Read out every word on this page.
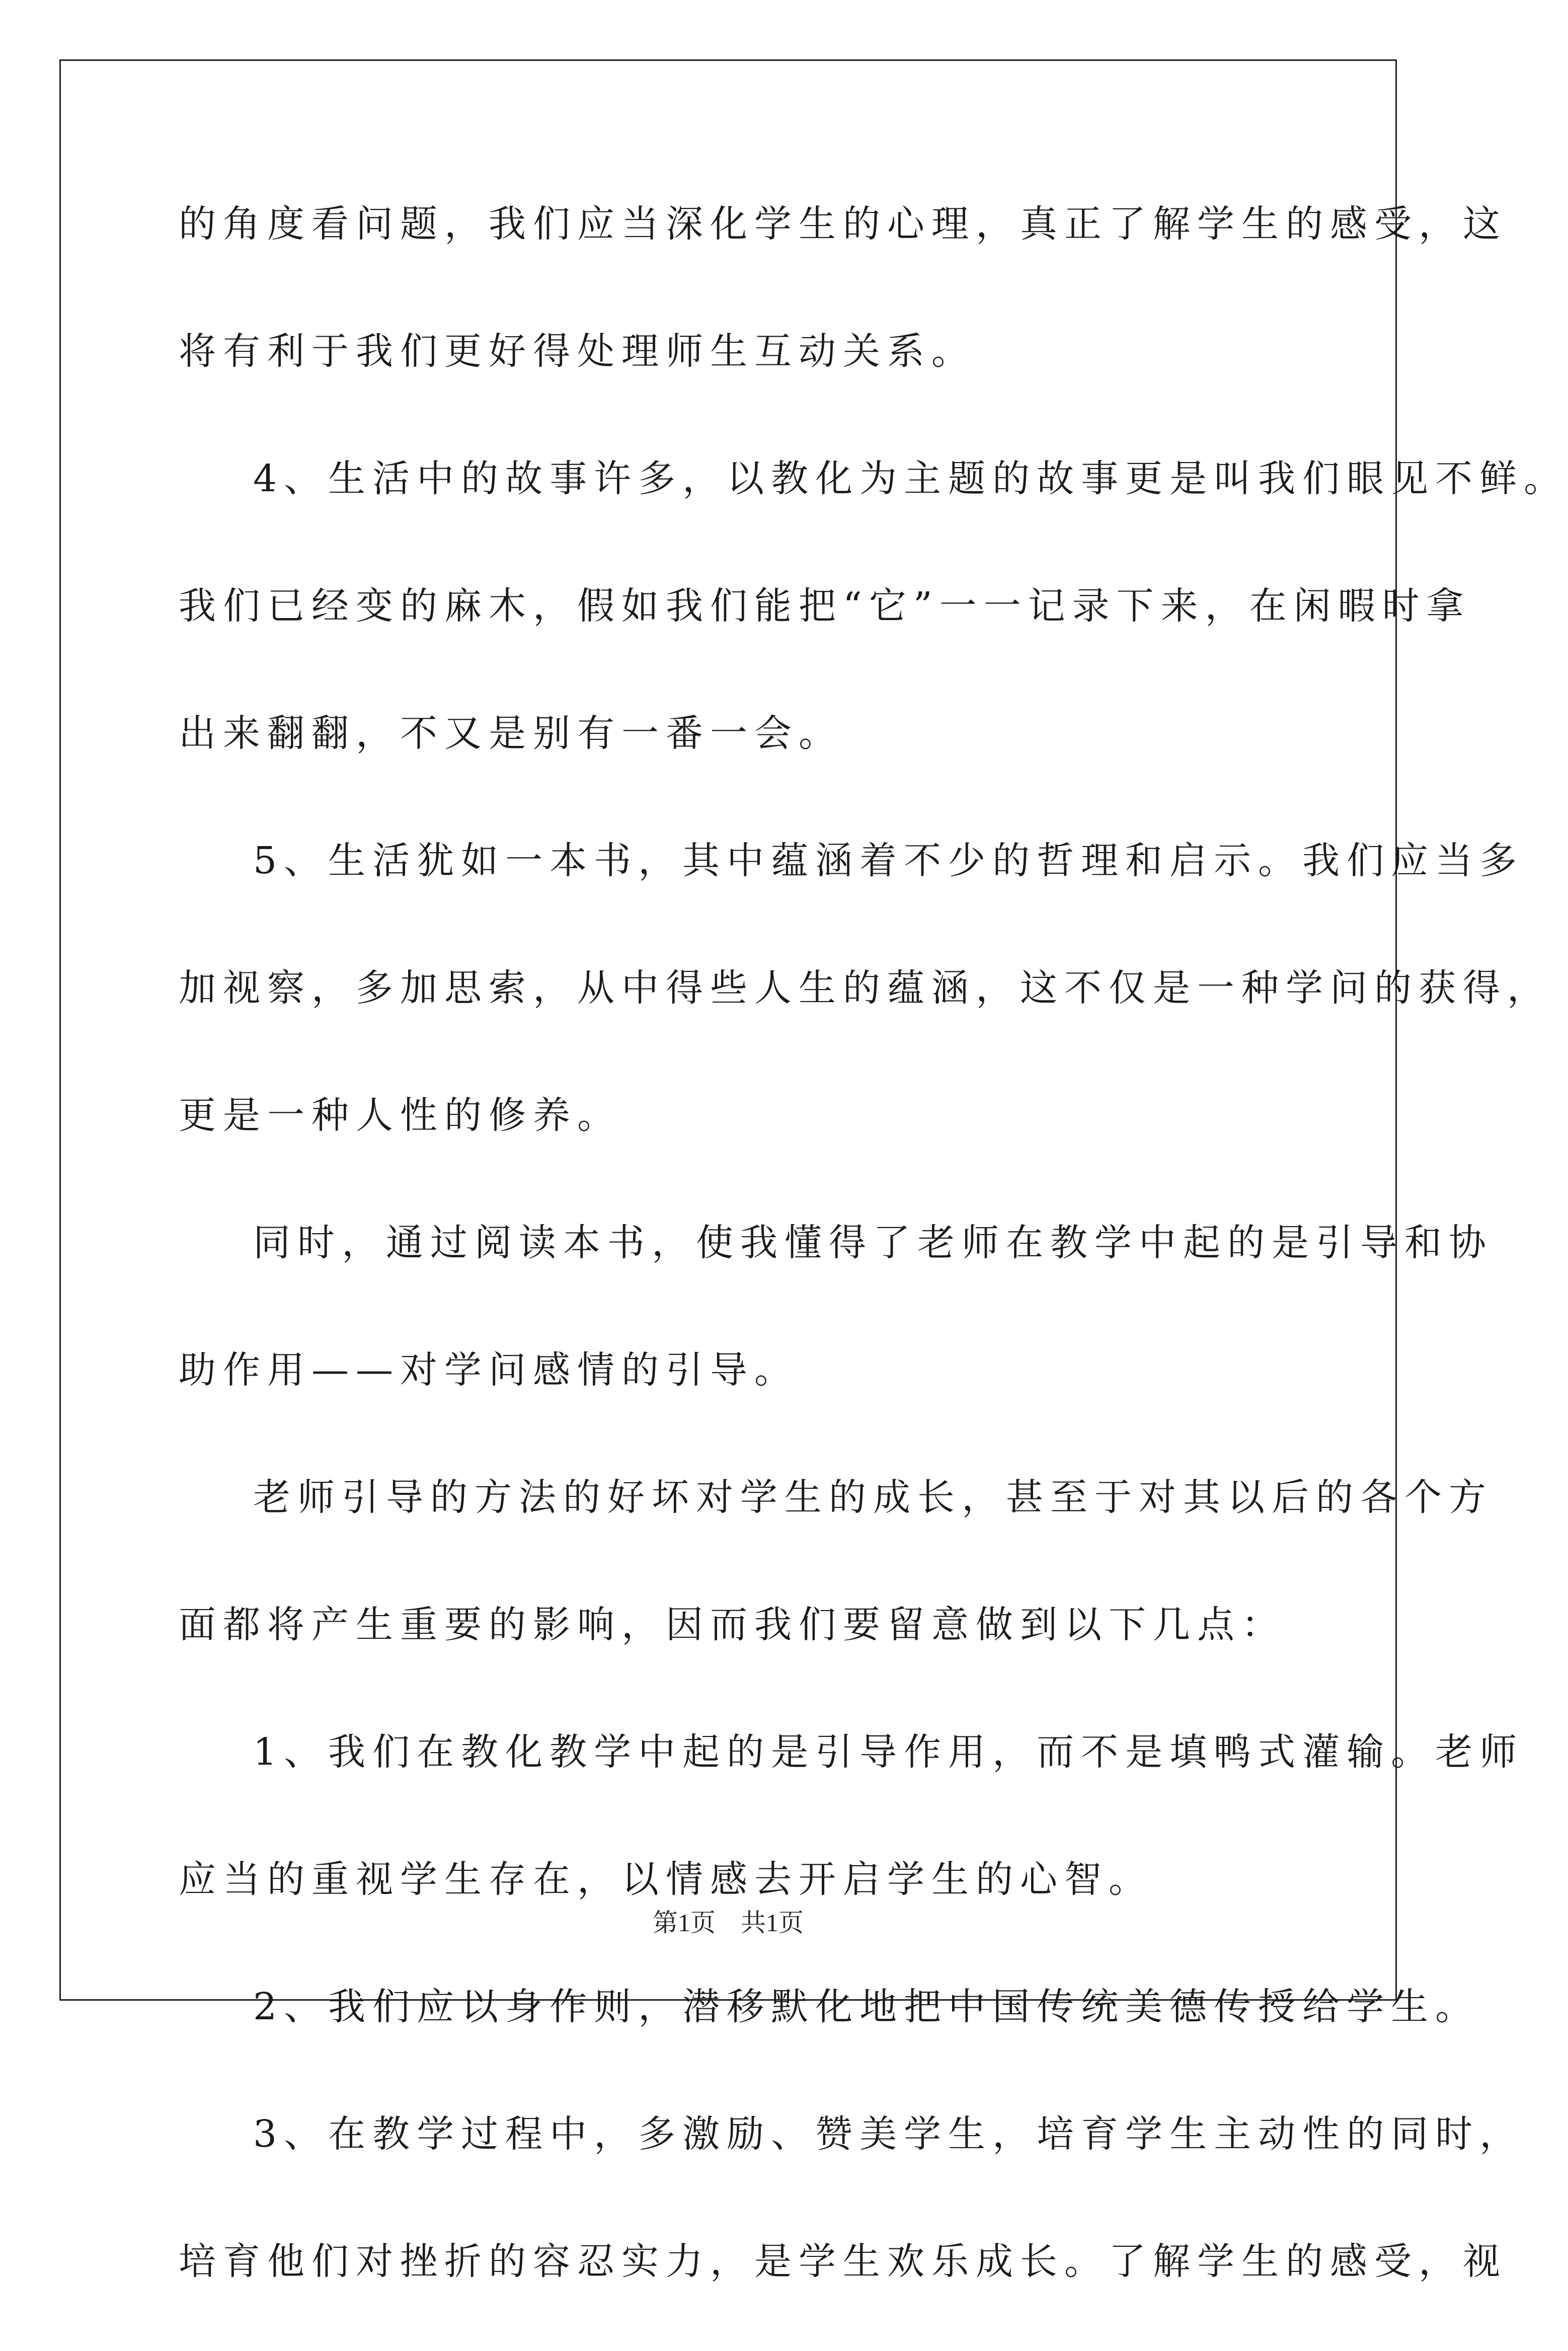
的角度看问题，我们应当深化学生的心理，真正了解学生的感受，这
将有利于我们更好得处理师生互动关系。
4、生活中的故事许多，以教化为主题的故事更是叫我们眼见不鲜。
我们已经变的麻木，假如我们能把“它”一一记录下来，在闲暇时拿
出来翻翻，不又是别有一番一会。
5、生活犹如一本书，其中蕴涵着不少的哲理和启示。我们应当多
加视察，多加思索，从中得些人生的蕴涵，这不仅是一种学问的获得，
更是一种人性的修养。
同时，通过阅读本书，使我懂得了老师在教学中起的是引导和协
助作用——对学问感情的引导。
老师引导的方法的好坏对学生的成长，甚至于对其以后的各个方
面都将产生重要的影响，因而我们要留意做到以下几点：
1、我们在教化教学中起的是引导作用，而不是填鸭式灌输。老师
应当的重视学生存在，以情感去开启学生的心智。
2、我们应以身作则，潜移默化地把中国传统美德传授给学生。
3、在教学过程中，多激励、赞美学生，培育学生主动性的同时，
培育他们对挫折的容忍实力，是学生欢乐成长。了解学生的感受，视
第1页　共1页
